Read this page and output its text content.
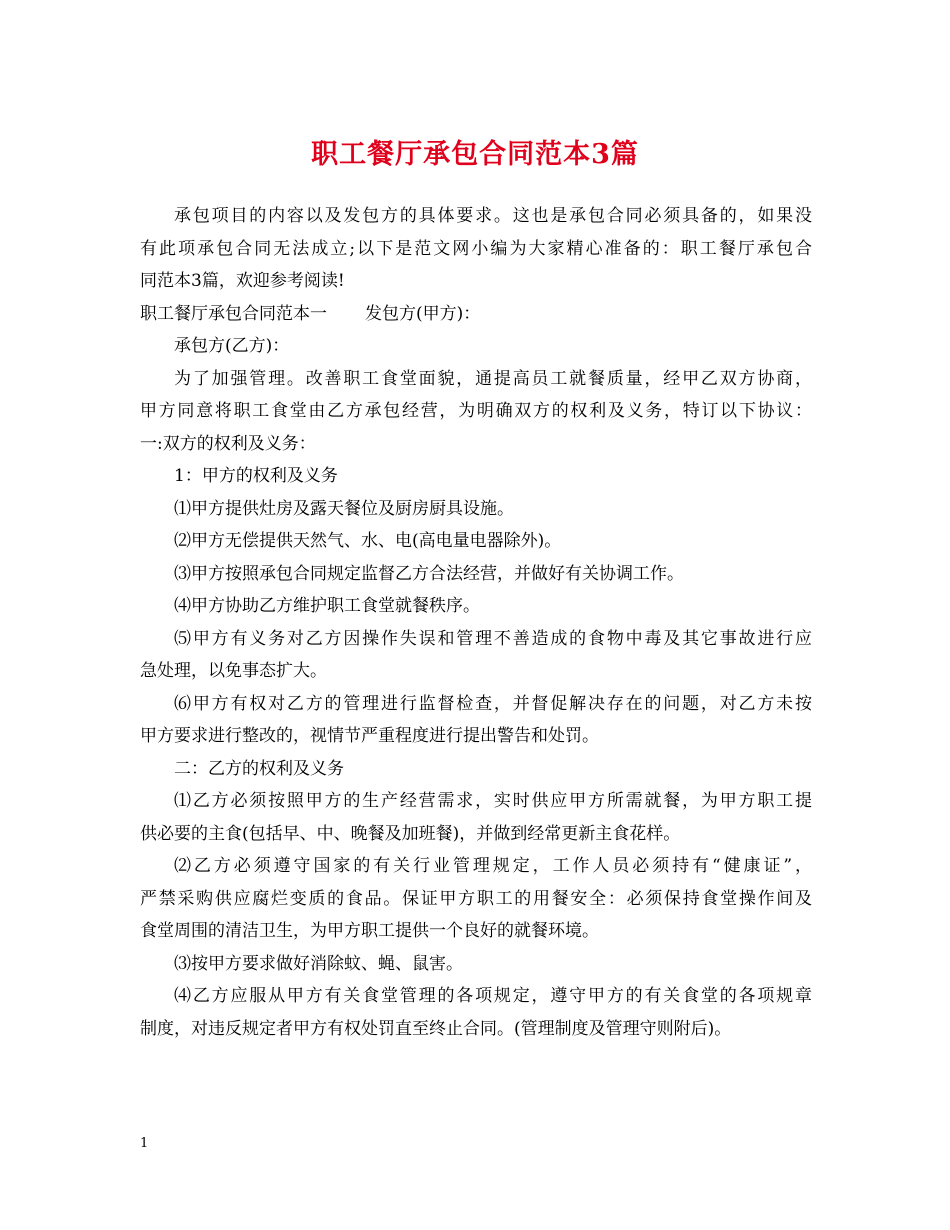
职工餐厅承包合同范本3篇
承包项目的内容以及发包方的具体要求。这也是承包合同必须具备的，如果没
有此项承包合同无法成立;以下是范文网小编为大家精心准备的：职工餐厅承包合
同范本3篇，欢迎参考阅读!
职工餐厅承包合同范本一 发包方(甲方)：
承包方(乙方)：
为了加强管理。改善职工食堂面貌，通提高员工就餐质量，经甲乙双方协商，
甲方同意将职工食堂由乙方承包经营，为明确双方的权利及义务，特订以下协议：
一:双方的权利及义务：
1：甲方的权利及义务
⑴甲方提供灶房及露天餐位及厨房厨具设施。
⑵甲方无偿提供天然气、水、电(高电量电器除外)。
⑶甲方按照承包合同规定监督乙方合法经营，并做好有关协调工作。
⑷甲方协助乙方维护职工食堂就餐秩序。
⑸甲方有义务对乙方因操作失误和管理不善造成的食物中毒及其它事故进行应
急处理，以免事态扩大。
⑹甲方有权对乙方的管理进行监督检查，并督促解决存在的问题，对乙方未按
甲方要求进行整改的，视情节严重程度进行提出警告和处罚。
二：乙方的权利及义务
⑴乙方必须按照甲方的生产经营需求，实时供应甲方所需就餐，为甲方职工提
供必要的主食(包括早、中、晚餐及加班餐)，并做到经常更新主食花样。
⑵乙方必须遵守国家的有关行业管理规定，工作人员必须持有“健康证”，
严禁采购供应腐烂变质的食品。保证甲方职工的用餐安全：必须保持食堂操作间及
食堂周围的清洁卫生，为甲方职工提供一个良好的就餐环境。
⑶按甲方要求做好消除蚊、蝇、鼠害。
⑷乙方应服从甲方有关食堂管理的各项规定，遵守甲方的有关食堂的各项规章
制度，对违反规定者甲方有权处罚直至终止合同。(管理制度及管理守则附后)。
1
